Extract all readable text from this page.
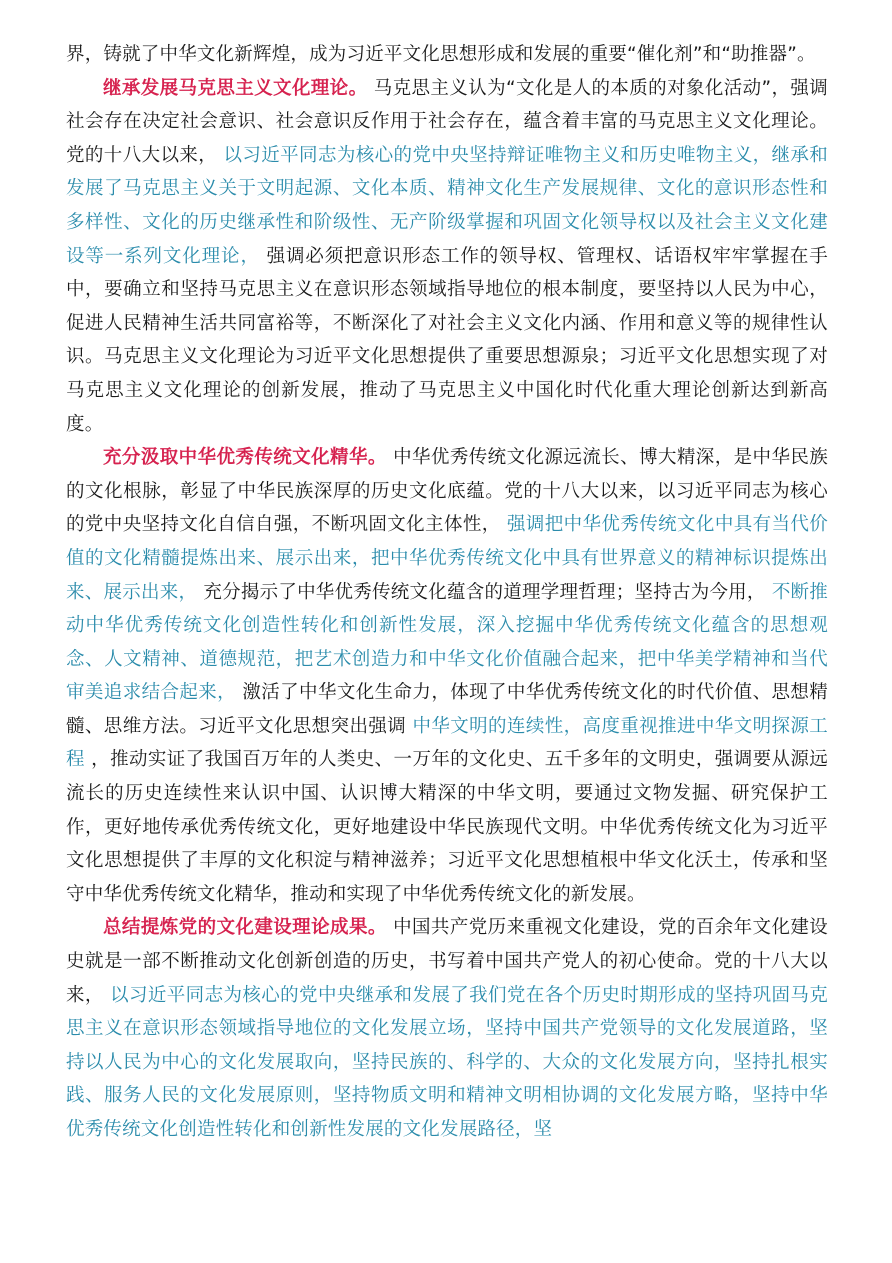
界，铸就了中华文化新辉煌，成为习近平文化思想形成和发展的重要“催化剂”和“助推器”。

继承发展马克思主义文化理论。 马克思主义认为“文化是人的本质的对象化活动”，强调社会存在决定社会意识、社会意识反作用于社会存在，蕴含着丰富的马克思主义文化理论。党的十八大以来， 以习近平同志为核心的党中央坚持辩证唯物主义和历史唯物主义，继承和发展了马克思主义关于文明起源、文化本质、精神文化生产发展规律、文化的意识形态性和多样性、文化的历史继承性和阶级性、无产阶级掌握和巩固文化领导权以及社会主义文化建设等一系列文化理论， 强调必须把意识形态工作的领导权、管理权、话语权牢牢掌握在手中，要确立和坚持马克思主义在意识形态领域指导地位的根本制度，要坚持以人民为中心，促进人民精神生活共同富裕等，不断深化了对社会主义文化内涵、作用和意义等的规律性认识。马克思主义文化理论为习近平文化思想提供了重要思想源泉；习近平文化思想实现了对马克思主义文化理论的创新发展，推动了马克思主义中国化时代化重大理论创新达到新高度。

充分汲取中华优秀传统文化精华。 中华优秀传统文化源远流长、博大精深，是中华民族的文化根脉，彰显了中华民族深厚的历史文化底蕴。党的十八大以来，以习近平同志为核心的党中央坚持文化自信自强，不断巩固文化主体性， 强调把中华优秀传统文化中具有当代价值的文化精髓提炼出来、展示出来，把中华优秀传统文化中具有世界意义的精神标识提炼出来、展示出来， 充分揭示了中华优秀传统文化蕴含的道理学理哲理；坚持古为今用， 不断推动中华优秀传统文化创造性转化和创新性发展，深入挖掘中华优秀传统文化蕴含的思想观念、人文精神、道德规范，把艺术创造力和中华文化价值融合起来，把中华美学精神和当代审美追求结合起来， 激活了中华文化生命力，体现了中华优秀传统文化的时代价值、思想精髓、思维方法。习近平文化思想突出强调 中华文明的连续性，高度重视推进中华文明探源工程 ，推动实证了我国百万年的人类史、一万年的文化史、五千多年的文明史，强调要从源远流长的历史连续性来认识中国、认识博大精深的中华文明，要通过文物发掘、研究保护工作，更好地传承优秀传统文化，更好地建设中华民族现代文明。中华优秀传统文化为习近平文化思想提供了丰厚的文化积淀与精神滋养；习近平文化思想植根中华文化沃土，传承和坚守中华优秀传统文化精华，推动和实现了中华优秀传统文化的新发展。

总结提炼党的文化建设理论成果。 中国共产党历来重视文化建设，党的百余年文化建设史就是一部不断推动文化创新创造的历史，书写着中国共产党人的初心使命。党的十八大以来， 以习近平同志为核心的党中央继承和发展了我们党在各个历史时期形成的坚持巩固马克思主义在意识形态领域指导地位的文化发展立场，坚持中国共产党领导的文化发展道路，坚持以人民为中心的文化发展取向，坚持民族的、科学的、大众的文化发展方向，坚持扎根实践、服务人民的文化发展原则，坚持物质文明和精神文明相协调的文化发展方略，坚持中华优秀传统文化创造性转化和创新性发展的文化发展路径，坚
